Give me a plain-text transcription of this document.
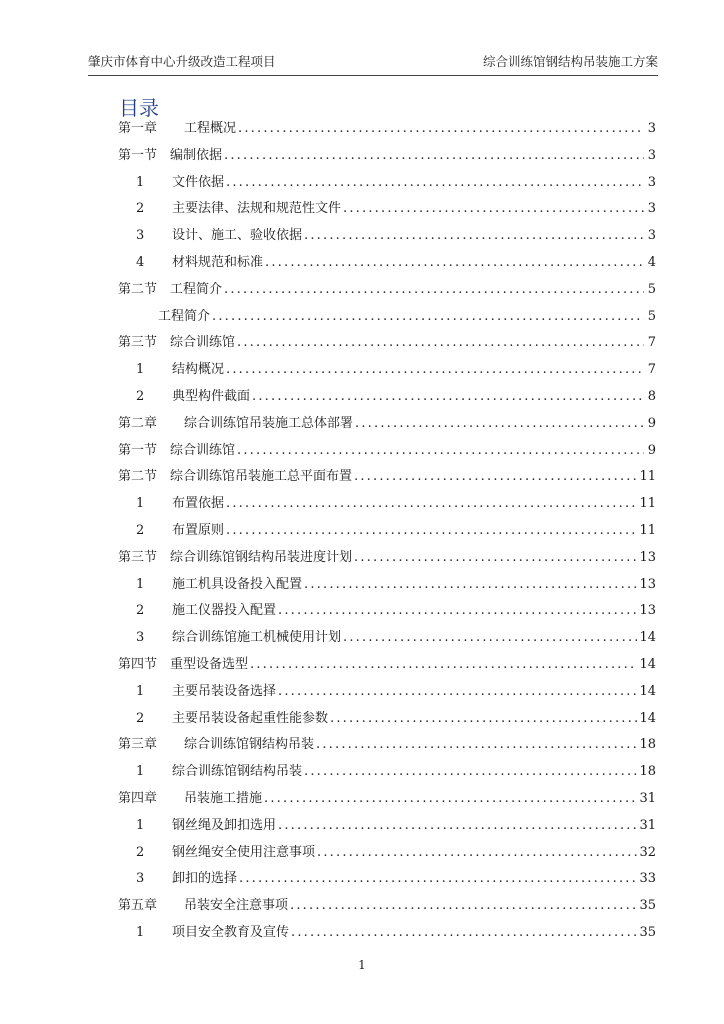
肇庆市体育中心升级改造工程项目	综合训练馆钢结构吊装施工方案
目录
第一章	工程概况 .....	3
第一节 编制依据 .....	3
1	文件依据 .....	3
2	主要法律、法规和规范性文件 .....	3
3	设计、施工、验收依据 .....	3
4	材料规范和标准 .....	4
第二节 工程简介 .....	5
工程简介 .....	5
第三节 综合训练馆 .....	7
1	结构概况 .....	7
2	典型构件截面 .....	8
第二章	综合训练馆吊装施工总体部署 .....	9
第一节 综合训练馆 .....	9
第二节 综合训练馆吊装施工总平面布置 .....	11
1	布置依据 .....	11
2	布置原则 .....	11
第三节 综合训练馆钢结构吊装进度计划 .....	13
1	施工机具设备投入配置 .....	13
2	施工仪器投入配置 .....	13
3	综合训练馆施工机械使用计划 .....	14
第四节 重型设备选型 .....	14
1	主要吊装设备选择 .....	14
2	主要吊装设备起重性能参数 .....	14
第三章	综合训练馆钢结构吊装 .....	18
1	综合训练馆钢结构吊装 .....	18
第四章	吊装施工措施 .....	31
1	钢丝绳及卸扣选用 .....	31
2	钢丝绳安全使用注意事项 .....	32
3	卸扣的选择 .....	33
第五章	吊装安全注意事项 .....	35
1	项目安全教育及宣传 .....	35
1
